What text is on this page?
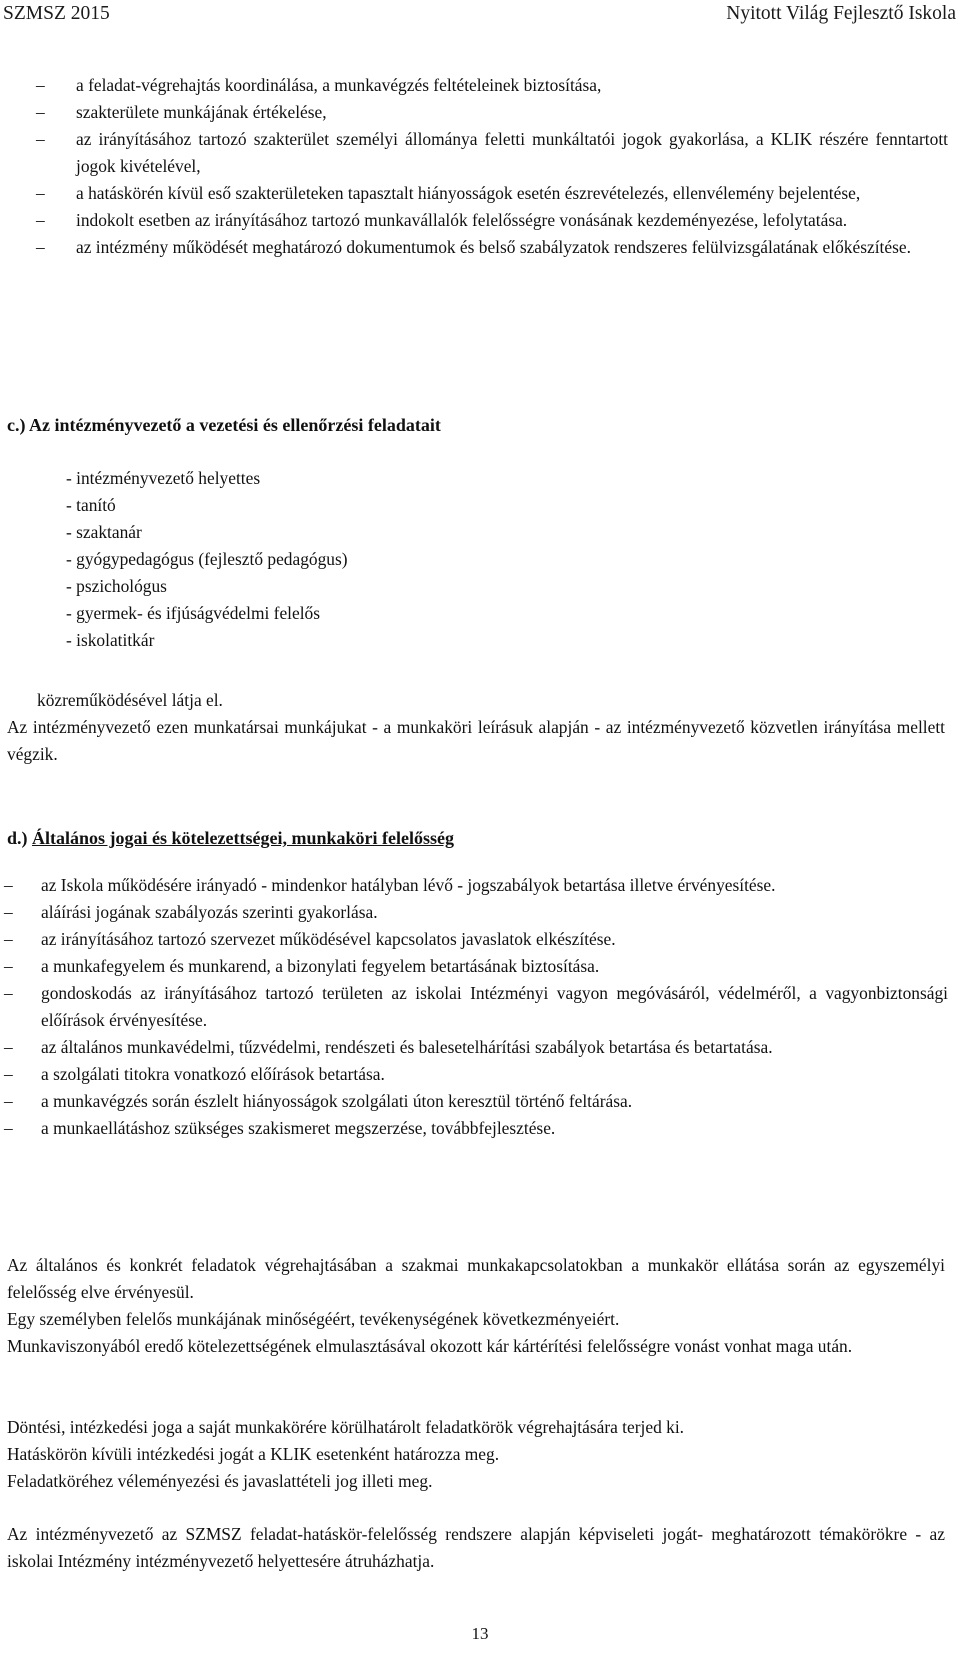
SZMSZ 2015	Nyitott Világ Fejlesztő Iskola
– a feladat-végrehajtás koordinálása, a munkavégzés feltételeinek biztosítása,
– szakterülete munkájának értékelése,
– az irányításához tartozó szakterület személyi állománya feletti munkáltatói jogok gyakorlása, a KLIK részére fenntartott jogok kivételével,
– a hatáskörén kívül eső szakterületeken tapasztalt hiányosságok esetén észrevételezés, ellenvélemény bejelentése,
– indokolt esetben az irányításához tartozó munkavállalók felelősségre vonásának kezdeményezése, lefolytatása.
– az intézmény működését meghatározó dokumentumok és belső szabályzatok rendszeres felülvizsgálatának előkészítése.
c.) Az intézményvezető a vezetési és ellenőrzési feladatait
- intézményvezető helyettes
- tanító
- szaktanár
- gyógypedagógus (fejlesztő pedagógus)
- pszichológus
- gyermek- és ifjúságvédelmi felelős
- iskolatitkár

közreműködésével látja el.

Az intézményvezető ezen munkatársai munkájukat - a munkaköri leírásuk alapján - az intézményvezető közvetlen irányítása mellett végzik.

d.) Általános jogai és kötelezettségei, munkaköri felelősség
– az Iskola működésére irányadó - mindenkor hatályban lévő - jogszabályok betartása illetve érvényesítése.
– aláírási jogának szabályozás szerinti gyakorlása.
– az irányításához tartozó szervezet működésével kapcsolatos javaslatok elkészítése.
– a munkafegyelem és munkarend, a bizonylati fegyelem betartásának biztosítása.
– gondoskodás az irányításához tartozó területen az iskolai Intézményi vagyon megóvásáról, védelméről, a vagyonbiztonsági előírások érvényesítése.
– az általános munkavédelmi, tűzvédelmi, rendészeti és balesetelhárítási szabályok betartása és betartatása.
– a szolgálati titokra vonatkozó előírások betartása.
– a munkavégzés során észlelt hiányosságok szolgálati úton keresztül történő feltárása.
– a munkaellátáshoz szükséges szakismeret megszerzése, továbbfejlesztése.

Az általános és konkrét feladatok végrehajtásában a szakmai munkakapcsolatokban a munkakör ellátása során az egyszemélyi felelősség elve érvényesül.

Egy személyben felelős munkájának minőségéért, tevékenységének következményeiért.

Munkaviszonyából eredő kötelezettségének elmulasztásával okozott kár kártérítési felelősségre vonást vonhat maga után.

Döntési, intézkedési joga a saját munkakörére körülhatárolt feladatkörök végrehajtására terjed ki.

Hatáskörön kívüli intézkedési jogát a KLIK esetenként határozza meg.

Feladatköréhez véleményezési és javaslattételi jog illeti meg.

Az intézményvezető az SZMSZ feladat-hatáskör-felelősség rendszere alapján képviseleti jogát- meghatározott témakörökre - az iskolai Intézmény intézményvezető helyettesére átruházhatja.

13
